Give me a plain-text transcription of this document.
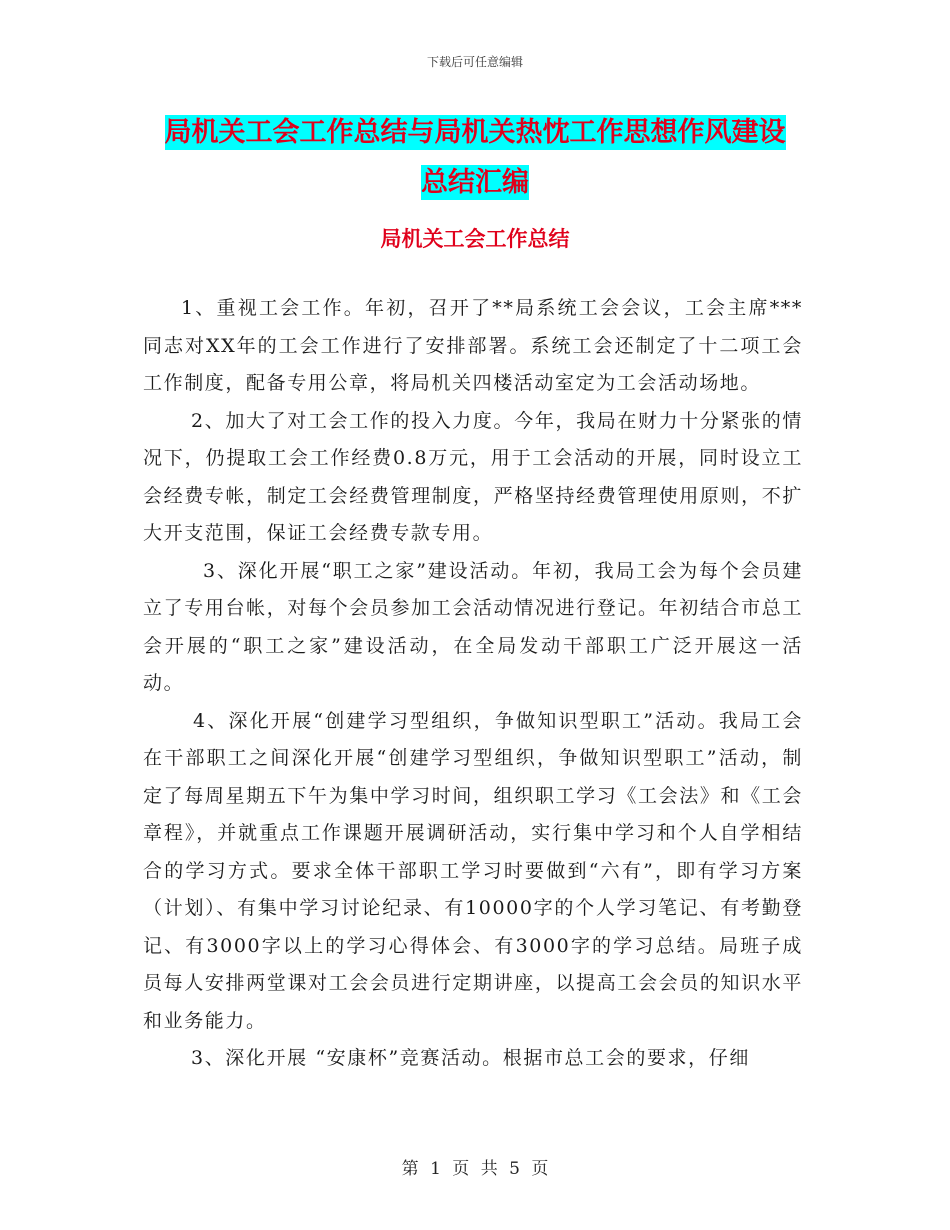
下载后可任意编辑
局机关工会工作总结与局机关热忱工作思想作风建设
总结汇编
局机关工会工作总结

1、重视工会工作。年初，召开了**局系统工会会议，工会主席***同志对XX年的工会工作进行了安排部署。系统工会还制定了十二项工会工作制度，配备专用公章，将局机关四楼活动室定为工会活动场地。

2、加大了对工会工作的投入力度。今年，我局在财力十分紧张的情况下，仍提取工会工作经费0.8万元，用于工会活动的开展，同时设立工会经费专帐，制定工会经费管理制度，严格坚持经费管理使用原则，不扩大开支范围，保证工会经费专款专用。

3、深化开展“职工之家”建设活动。年初，我局工会为每个会员建立了专用台帐，对每个会员参加工会活动情况进行登记。年初结合市总工会开展的“职工之家”建设活动，在全局发动干部职工广泛开展这一活动。

4、深化开展“创建学习型组织，争做知识型职工”活动。我局工会在干部职工之间深化开展“创建学习型组织，争做知识型职工”活动，制定了每周星期五下午为集中学习时间，组织职工学习《工会法》和《工会章程》，并就重点工作课题开展调研活动，实行集中学习和个人自学相结合的学习方式。要求全体干部职工学习时要做到“六有”，即有学习方案（计划）、有集中学习讨论纪录、有10000字的个人学习笔记、有考勤登记、有3000字以上的学习心得体会、有3000字的学习总结。局班子成员每人安排两堂课对工会会员进行定期讲座，以提高工会会员的知识水平和业务能力。

3、深化开展 “安康杯”竞赛活动。根据市总工会的要求，仔细

第 1 页 共 5 页
